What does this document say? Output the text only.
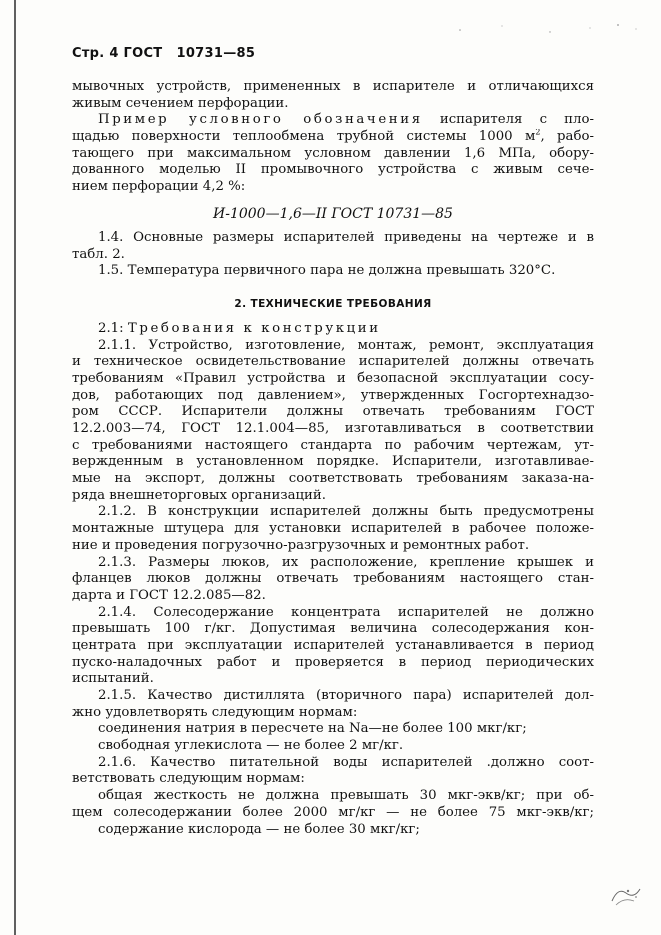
Стр. 4 ГОСТ 10731—85
мывочных устройств, примененных в испарителе и отличающихся
живым сечением перфорации.
Пример условного обозначения испарителя с пло-
щадью поверхности теплообмена трубной системы 1000 $м^2$, рабо-
тающего при максимальном условном давлении 1,6 МПа, обору-
дованного моделью II промывочного устройства с живым сече-
нием перфорации 4,2 %:
И-1000—1,6—II ГОСТ 10731—85
1.4. Основные размеры испарителей приведены на чертеже и в
табл. 2.
1.5. Температура первичного пара не должна превышать 320°С.
2. ТЕХНИЧЕСКИЕ ТРЕБОВАНИЯ
2.1: Требования к конструкции
2.1.1. Устройство, изготовление, монтаж, ремонт, эксплуатация
и техническое освидетельствование испарителей должны отвечать
требованиям «Правил устройства и безопасной эксплуатации сосу-
дов, работающих под давлением», утвержденных Госгортехнадзо-
ром СССР. Испарители должны отвечать требованиям ГОСТ
12.2.003—74, ГОСТ 12.1.004—85, изготавливаться в соответствии
с требованиями настоящего стандарта по рабочим чертежам, ут-
вержденным в установленном порядке. Испарители, изготавливае-
мые на экспорт, должны соответствовать требованиям заказа-на-
ряда внешнеторговых организаций.
2.1.2. В конструкции испарителей должны быть предусмотрены
монтажные штуцера для установки испарителей в рабочее положе-
ние и проведения погрузочно-разгрузочных и ремонтных работ.
2.1.3. Размеры люков, их расположение, крепление крышек и
фланцев люков должны отвечать требованиям настоящего стан-
дарта и ГОСТ 12.2.085—82.
2.1.4. Солесодержание концентрата испарителей не должно
превышать 100 г/кг. Допустимая величина солесодержания кон-
центрата при эксплуатации испарителей устанавливается в период
пуско-наладочных работ и проверяется в период периодических
испытаний.
2.1.5. Качество дистиллята (вторичного пара) испарителей дол-
жно удовлетворять следующим нормам:
соединения натрия в пересчете на Na—не более 100 мкг/кг;
свободная углекислота — не более 2 мг/кг.
2.1.6. Качество питательной воды испарителей .должно соот-
ветствовать следующим нормам:
общая жесткость не должна превышать 30 мкг-экв/кг; при об-
щем солесодержании более 2000 мг/кг — не более 75 мкг-экв/кг;
содержание кислорода — не более 30 мкг/кг;
